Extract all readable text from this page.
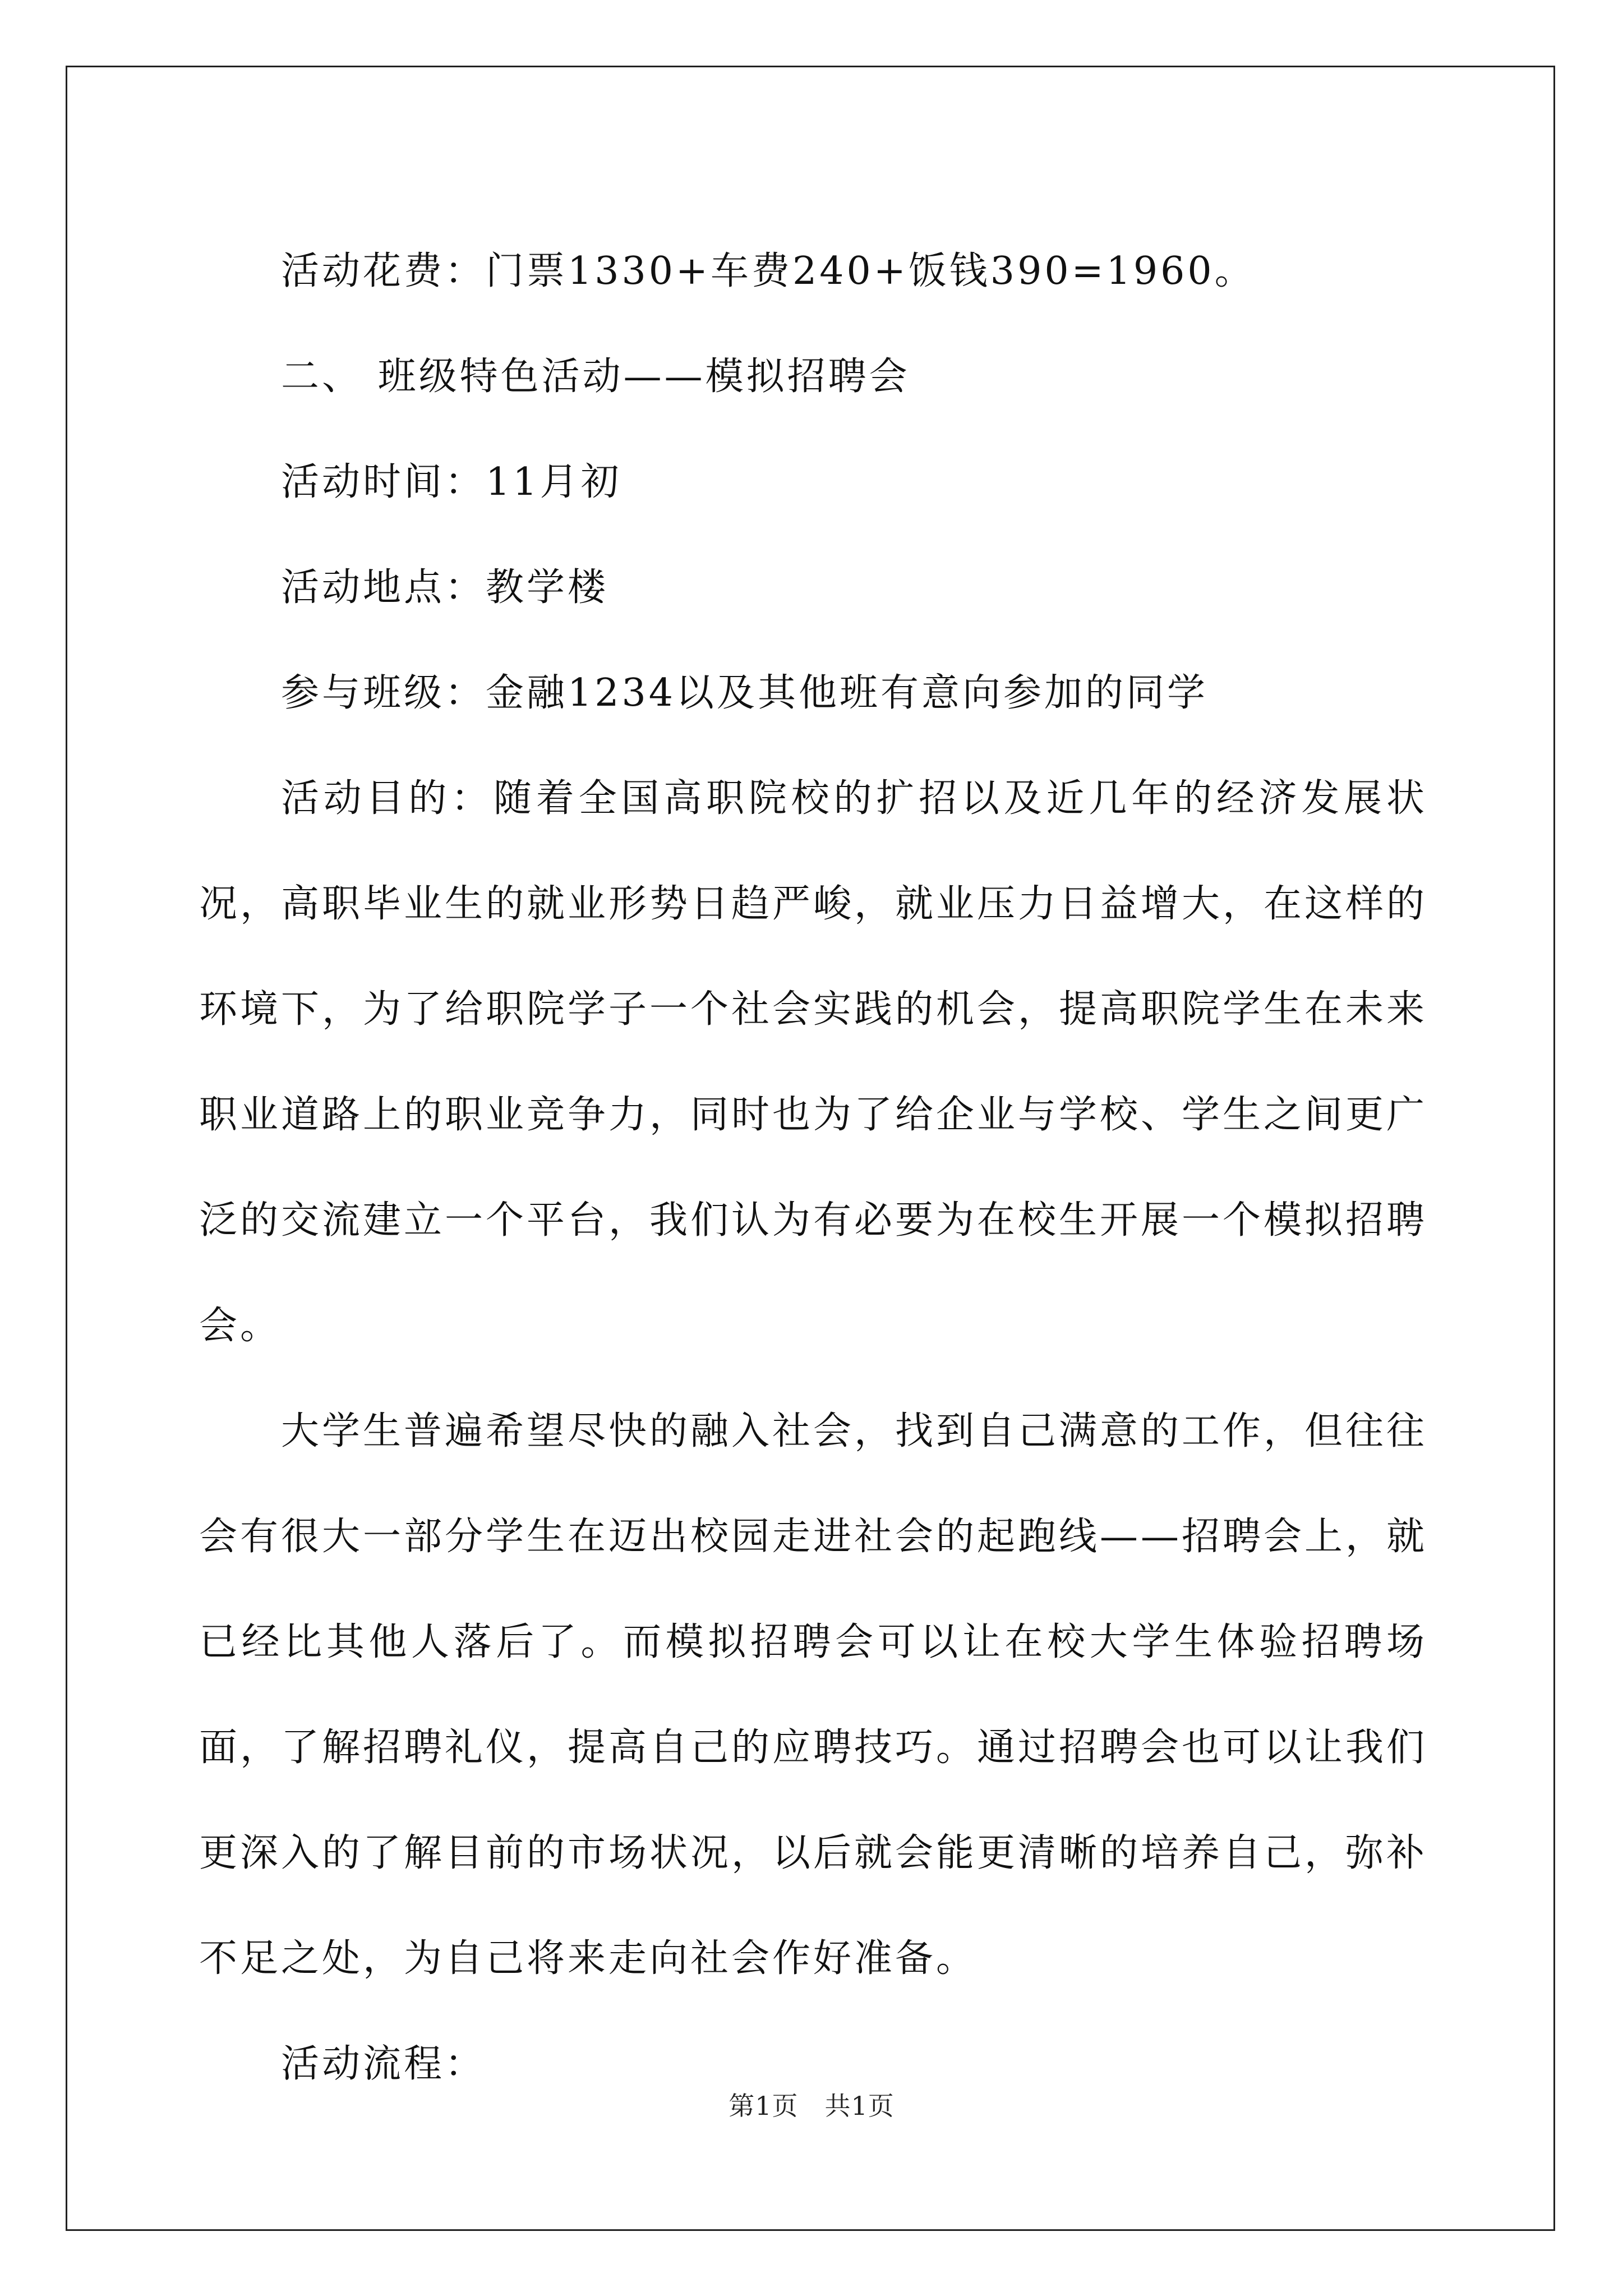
活动花费：门票1330+车费240+饭钱390=1960。

二、 班级特色活动——模拟招聘会

活动时间：11月初

活动地点：教学楼

参与班级：金融1234以及其他班有意向参加的同学

活动目的：随着全国高职院校的扩招以及近几年的经济发展状况，高职毕业生的就业形势日趋严峻，就业压力日益增大，在这样的环境下，为了给职院学子一个社会实践的机会，提高职院学生在未来职业道路上的职业竞争力，同时也为了给企业与学校、学生之间更广泛的交流建立一个平台，我们认为有必要为在校生开展一个模拟招聘会。

大学生普遍希望尽快的融入社会，找到自己满意的工作，但往往会有很大一部分学生在迈出校园走进社会的起跑线——招聘会上，就已经比其他人落后了。而模拟招聘会可以让在校大学生体验招聘场面，了解招聘礼仪，提高自己的应聘技巧。通过招聘会也可以让我们更深入的了解目前的市场状况，以后就会能更清晰的培养自己，弥补不足之处，为自己将来走向社会作好准备。

活动流程：

第1页　共1页
